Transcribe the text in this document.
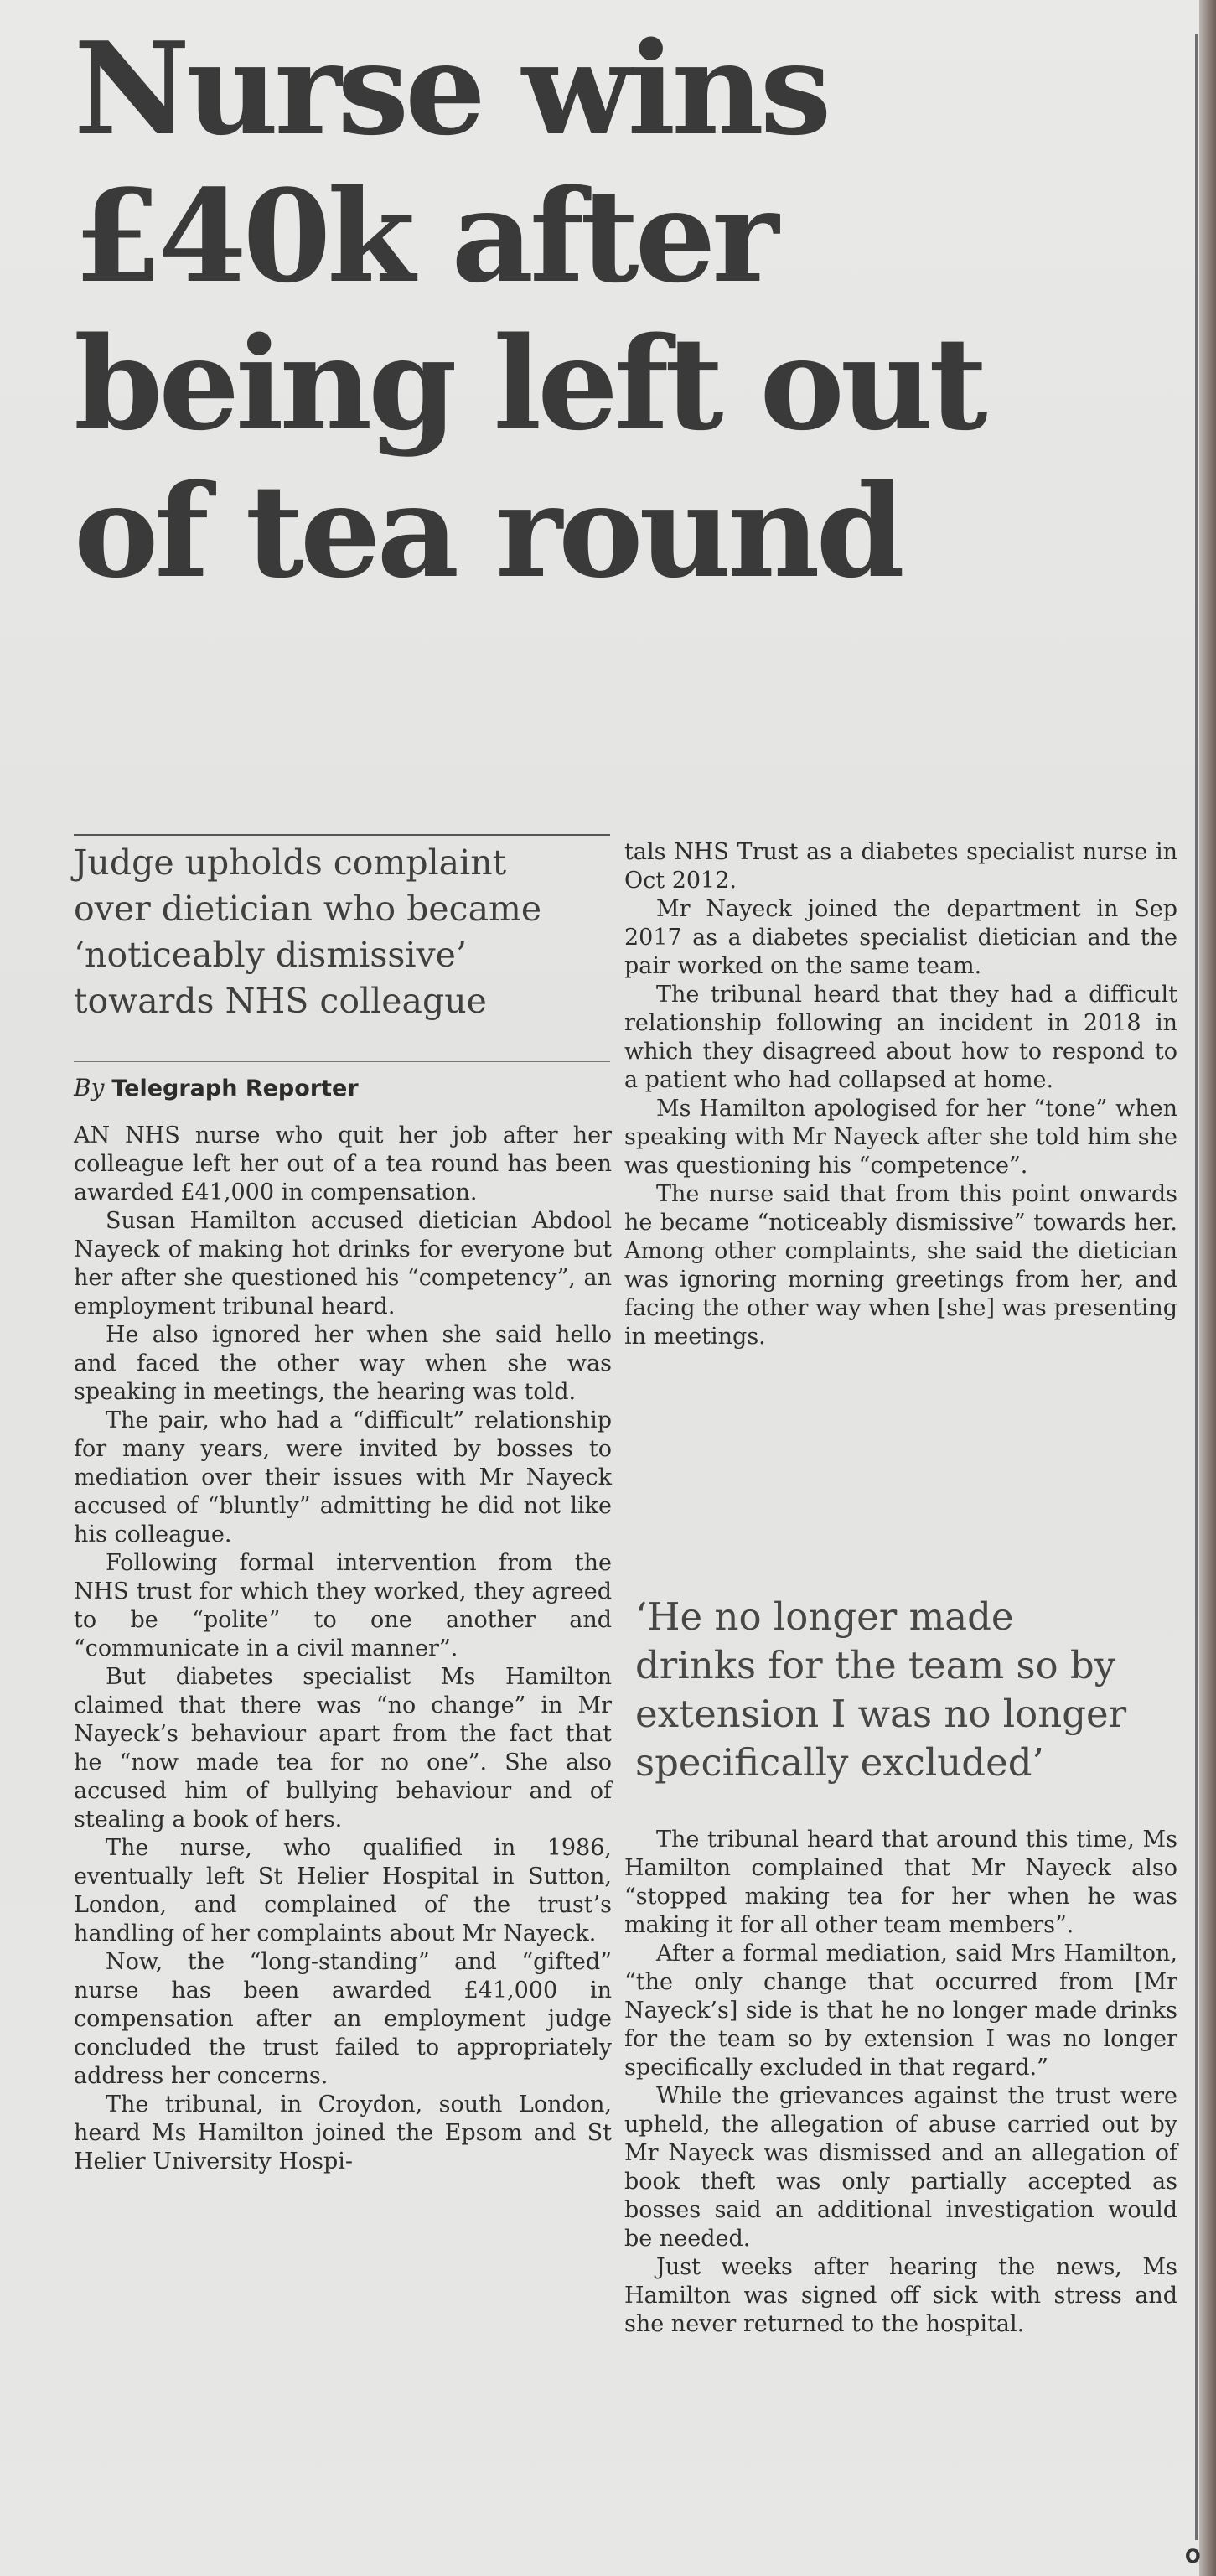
Nurse wins
£40k after
being left out
of tea round
Judge upholds complaint
over dietician who became
‘noticeably dismissive’
towards NHS colleague
By Telegraph Reporter

AN NHS nurse who quit her job after her colleague left her out of a tea round has been awarded £41,000 in compensation.

Susan Hamilton accused dietician Abdool Nayeck of making hot drinks for everyone but her after she questioned his “competency”, an employment tribunal heard.

He also ignored her when she said hello and faced the other way when she was speaking in meetings, the hearing was told.

The pair, who had a “difficult” relationship for many years, were invited by bosses to mediation over their issues with Mr Nayeck accused of “bluntly” admitting he did not like his colleague.

Following formal intervention from the NHS trust for which they worked, they agreed to be “polite” to one another and “communicate in a civil manner”.

But diabetes specialist Ms Hamilton claimed that there was “no change” in Mr Nayeck’s behaviour apart from the fact that he “now made tea for no one”. She also accused him of bullying behaviour and of stealing a book of hers.

The nurse, who qualified in 1986, eventually left St Helier Hospital in Sutton, London, and complained of the trust’s handling of her complaints about Mr Nayeck.

Now, the “long-standing” and “gifted” nurse has been awarded £41,000 in compensation after an employment judge concluded the trust failed to appropriately address her concerns.

The tribunal, in Croydon, south London, heard Ms Hamilton joined the Epsom and St Helier University Hospi-

tals NHS Trust as a diabetes specialist nurse in Oct 2012.

Mr Nayeck joined the department in Sep 2017 as a diabetes specialist dietician and the pair worked on the same team.

The tribunal heard that they had a difficult relationship following an incident in 2018 in which they disagreed about how to respond to a patient who had collapsed at home.

Ms Hamilton apologised for her “tone” when speaking with Mr Nayeck after she told him she was questioning his “competence”.

The nurse said that from this point onwards he became “noticeably dismissive” towards her. Among other complaints, she said the dietician was ignoring morning greetings from her, and facing the other way when [she] was presenting in meetings.

‘He no longer made
drinks for the team so by
extension I was no longer
specifically excluded’

The tribunal heard that around this time, Ms Hamilton complained that Mr Nayeck also “stopped making tea for her when he was making it for all other team members”.

After a formal mediation, said Mrs Hamilton, “the only change that occurred from [Mr Nayeck’s] side is that he no longer made drinks for the team so by extension I was no longer specifically excluded in that regard.”

While the grievances against the trust were upheld, the allegation of abuse carried out by Mr Nayeck was dismissed and an allegation of book theft was only partially accepted as bosses said an additional investigation would be needed.

Just weeks after hearing the news, Ms Hamilton was signed off sick with stress and she never returned to the hospital.

O
